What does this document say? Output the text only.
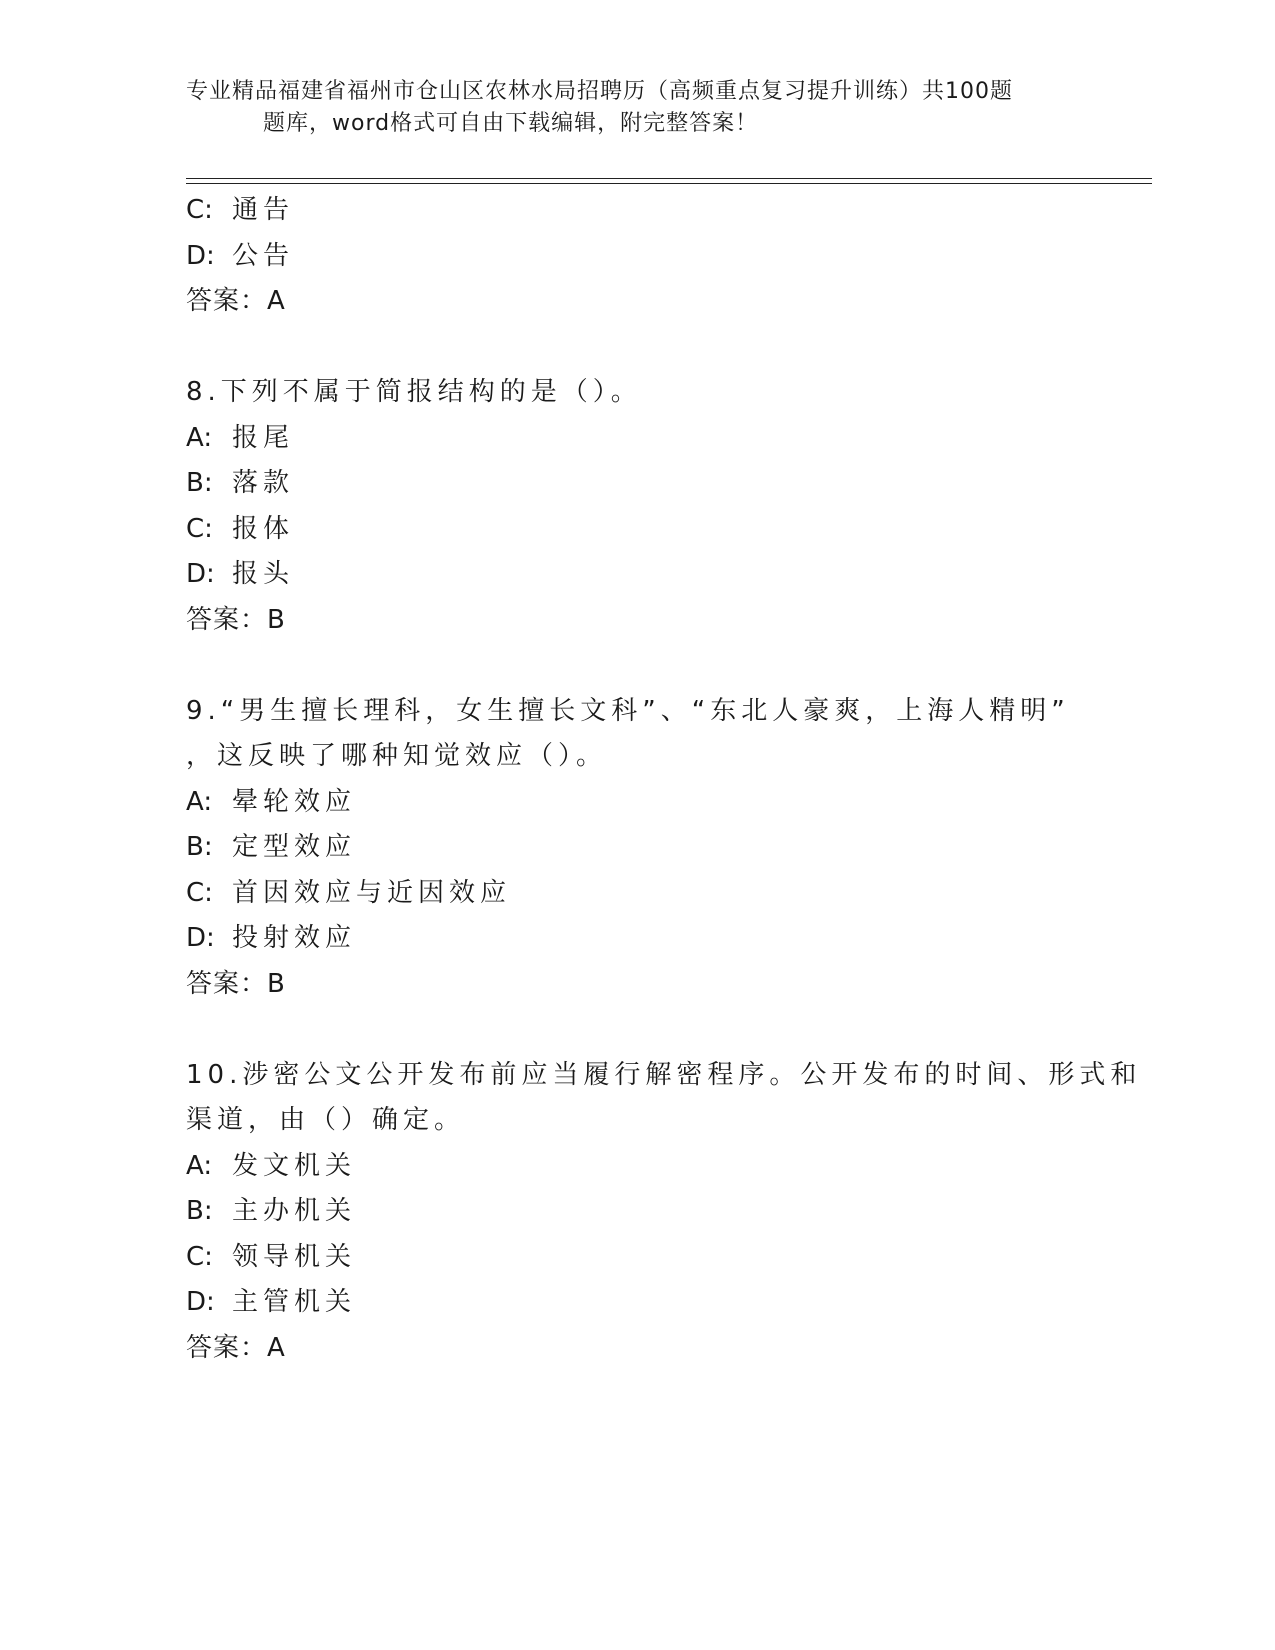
专业精品福建省福州市仓山区农林水局招聘历（高频重点复习提升训练）共100题
题库，word格式可自由下载编辑，附完整答案！
C: 通告
D: 公告
答案：A
8.下列不属于简报结构的是（）。
A: 报尾
B: 落款
C: 报体
D: 报头
答案：B
9.“男生擅长理科，女生擅长文科”、“东北人豪爽，上海人精明”
，这反映了哪种知觉效应（）。
A: 晕轮效应
B: 定型效应
C: 首因效应与近因效应
D: 投射效应
答案：B
10.涉密公文公开发布前应当履行解密程序。公开发布的时间、形式和
渠道，由（）确定。
A: 发文机关
B: 主办机关
C: 领导机关
D: 主管机关
答案：A
